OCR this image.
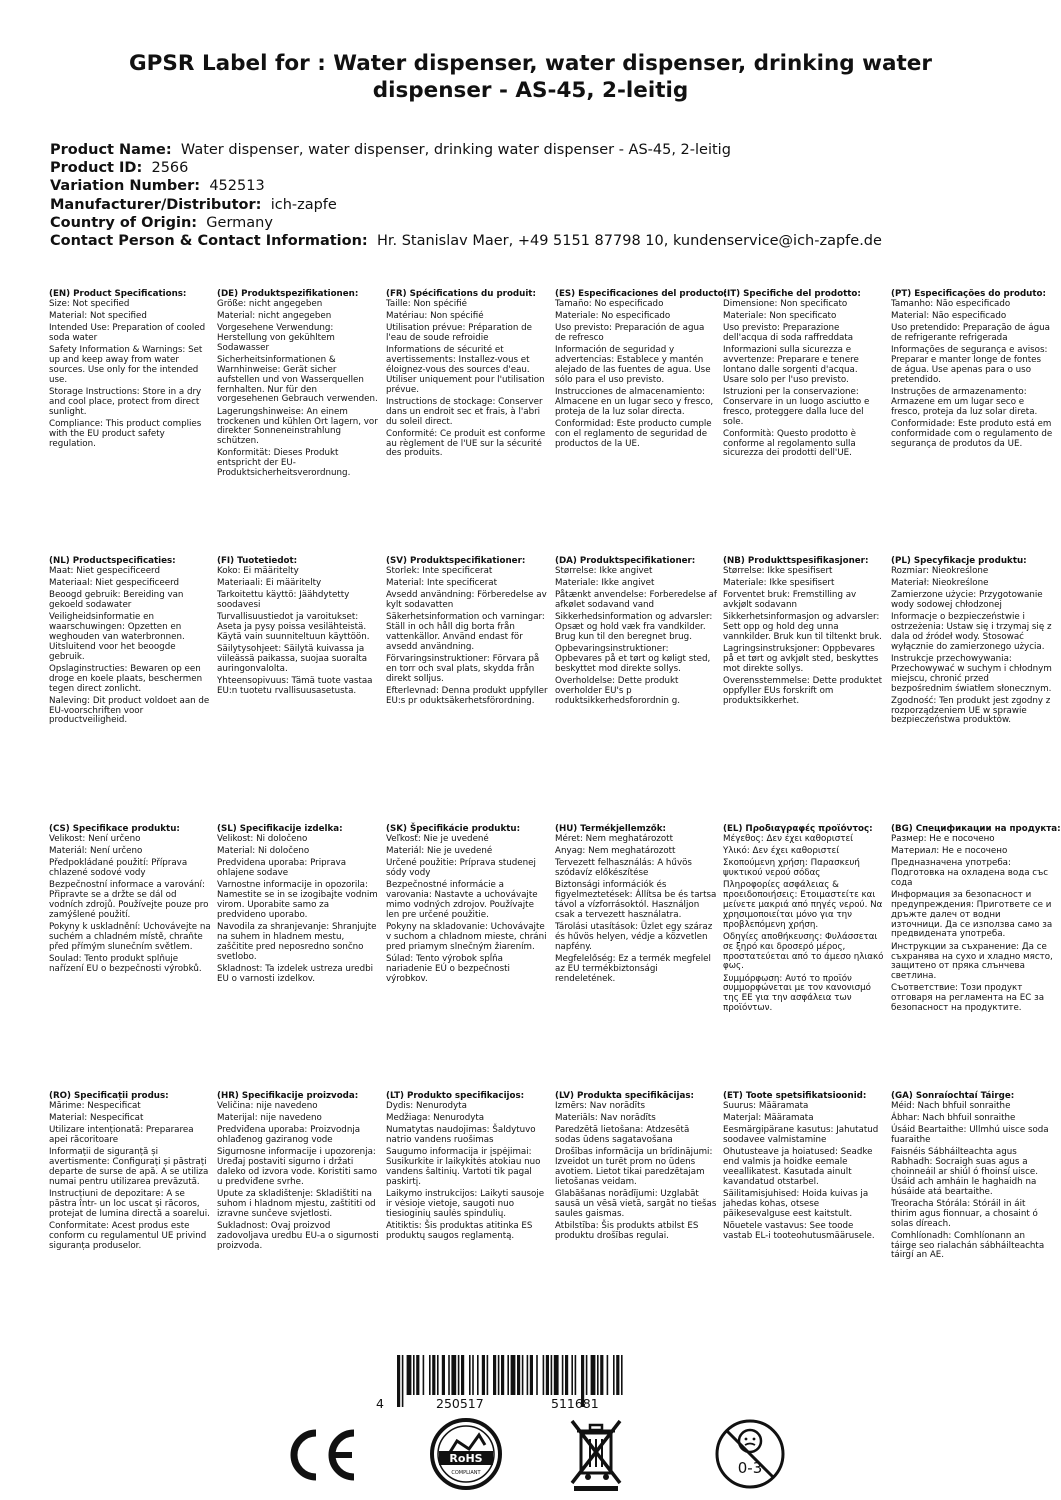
GPSR Label for : Water dispenser, water dispenser, drinking water
dispenser - AS-45, 2-leitig
Product Name: Water dispenser, water dispenser, drinking water dispenser - AS-45, 2-leitig
Product ID: 2566
Variation Number: 452513
Manufacturer/Distributor: ich-zapfe
Country of Origin: Germany
Contact Person & Contact Information: Hr. Stanislav Maer, +49 5151 87798 10, kundenservice@ich-zapfe.de
(EN) Product Specifications:
Size: Not specified
Material: Not specified
Intended Use: Preparation of cooled soda water
Safety Information & Warnings: Set up and keep away from water sources. Use only for the intended use.
Storage Instructions: Store in a dry and cool place, protect from direct sunlight.
Compliance: This product complies with the EU product safety regulation.
(DE) Produktspezifikationen:
Größe: nicht angegeben
Material: nicht angegeben
Vorgesehene Verwendung: Herstellung von gekühltem Sodawasser
Sicherheitsinformationen & Warnhinweise: Gerät sicher aufstellen und von Wasserquellen fernhalten. Nur für den vorgesehenen Gebrauch verwenden.
Lagerungshinweise: An einem trockenen und kühlen Ort lagern, vor direkter Sonneneinstrahlung schützen.
Konformität: Dieses Produkt entspricht der EU-Produktsicherheitsverordnung.
(FR) Spécifications du produit:
Taille: Non spécifié
Matériau: Non spécifié
Utilisation prévue: Préparation de l'eau de soude refroidie
Informations de sécurité et avertissements: Installez-vous et éloignez-vous des sources d'eau. Utiliser uniquement pour l'utilisation prévue.
Instructions de stockage: Conserver dans un endroit sec et frais, à l'abri du soleil direct.
Conformité: Ce produit est conforme au règlement de l'UE sur la sécurité des produits.
(ES) Especificaciones del producto:
Tamaño: No especificado
Materiale: No especificado
Uso previsto: Preparación de agua de refresco
Información de seguridad y advertencias: Establece y mantén alejado de las fuentes de agua. Use sólo para el uso previsto.
Instrucciones de almacenamiento: Almacene en un lugar seco y fresco, proteja de la luz solar directa.
Conformidad: Este producto cumple con el reglamento de seguridad de productos de la UE.
(IT) Specifiche del prodotto:
Dimensione: Non specificato
Materiale: Non specificato
Uso previsto: Preparazione dell'acqua di soda raffreddata
Informazioni sulla sicurezza e avvertenze: Preparare e tenere lontano dalle sorgenti d'acqua. Usare solo per l'uso previsto.
Istruzioni per la conservazione: Conservare in un luogo asciutto e fresco, proteggere dalla luce del sole.
Conformità: Questo prodotto è conforme al regolamento sulla sicurezza dei prodotti dell'UE.
(PT) Especificações do produto:
Tamanho: Não especificado
Material: Não especificado
Uso pretendido: Preparação de água de refrigerante refrigerada
Informações de segurança e avisos: Preparar e manter longe de fontes de água. Use apenas para o uso pretendido.
Instruções de armazenamento: Armazene em um lugar seco e fresco, proteja da luz solar direta.
Conformidade: Este produto está em conformidade com o regulamento de segurança de produtos da UE.
(NL) Productspecificaties:
Maat: Niet gespecificeerd
Materiaal: Niet gespecificeerd
Beoogd gebruik: Bereiding van gekoeld sodawater
Veiligheidsinformatie en waarschuwingen: Opzetten en weghouden van waterbronnen. Uitsluitend voor het beoogde gebruik.
Opslaginstructies: Bewaren op een droge en koele plaats, beschermen tegen direct zonlicht.
Naleving: Dit product voldoet aan de EU-voorschriften voor productveiligheid.
(FI) Tuotetiedot:
Koko: Ei määritelty
Materiaali: Ei määritelty
Tarkoitettu käyttö: Jäähdytetty soodavesi
Turvallisuustiedot ja varoitukset: Aseta ja pysy poissa vesilähteistä. Käytä vain suunniteltuun käyttöön.
Säilytysohjeet: Säilytä kuivassa ja viileässä paikassa, suojaa suoralta auringonvalolta.
Yhteensopivuus: Tämä tuote vastaa EU:n tuotetu rvallisuusasetusta.
(SV) Produktspecifikationer:
Storlek: Inte specificerat
Material: Inte specificerat
Avsedd användning: Förberedelse av kylt sodavatten
Säkerhetsinformation och varningar: Ställ in och håll dig borta från vattenkällor. Använd endast för avsedd användning.
Förvaringsinstruktioner: Förvara på en torr och sval plats, skydda från direkt solljus.
Efterlevnad: Denna produkt uppfyller EU:s pr oduktsäkerhetsförordning.
(DA) Produktspecifikationer:
Størrelse: Ikke angivet
Materiale: Ikke angivet
Påtænkt anvendelse: Forberedelse af afkølet sodavand vand
Sikkerhedsinformation og advarsler: Opsæt og hold væk fra vandkilder. Brug kun til den beregnet brug.
Opbevaringsinstruktioner: Opbevares på et tørt og køligt sted, beskyttet mod direkte sollys.
Overholdelse: Dette produkt overholder EU's p roduktsikkerhedsforordnin g.
(NB) Produkttspesifikasjoner:
Størrelse: Ikke spesifisert
Materiale: Ikke spesifisert
Forventet bruk: Fremstilling av avkjølt sodavann
Sikkerhetsinformasjon og advarsler: Sett opp og hold deg unna vannkilder. Bruk kun til tiltenkt bruk.
Lagringsinstruksjoner: Oppbevares på et tørt og avkjølt sted, beskyttes mot direkte sollys.
Overensstemmelse: Dette produktet oppfyller EUs forskrift om produktsikkerhet.
(PL) Specyfikacje produktu:
Rozmiar: Nieokreślone
Materiał: Nieokreślone
Zamierzone użycie: Przygotowanie wody sodowej chłodzonej
Informacje o bezpieczeństwie i ostrzeżenia: Ustaw się i trzymaj się z dala od źródeł wody. Stosować wyłącznie do zamierzonego użycia.
Instrukcje przechowywania: Przechowywać w suchym i chłodnym miejscu, chronić przed bezpośrednim światłem słonecznym.
Zgodność: Ten produkt jest zgodny z rozporządzeniem UE w sprawie bezpieczeństwa produktów.
(CS) Specifikace produktu:
Velikost: Není určeno
Materiál: Není určeno
Předpokládané použití: Příprava chlazené sodové vody
Bezpečnostní informace a varování: Připravte se a držte se dál od vodních zdrojů. Používejte pouze pro zamýšlené použití.
Pokyny k uskladnění: Uchovávejte na suchém a chladném místě, chraňte před přímým slunečním světlem.
Soulad: Tento produkt splňuje nařízení EU o bezpečnosti výrobků.
(SL) Specifikacije izdelka:
Velikost: Ni določeno
Material: Ni določeno
Predvidena uporaba: Priprava ohlajene sodave
Varnostne informacije in opozorila: Namestite se in se izogibajte vodnim virom. Uporabite samo za predvideno uporabo.
Navodila za shranjevanje: Shranjujte na suhem in hladnem mestu, zaščitite pred neposredno sončno svetlobo.
Skladnost: Ta izdelek ustreza uredbi EU o varnosti izdelkov.
(SK) Špecifikácie produktu:
Veľkosť: Nie je uvedené
Materiál: Nie je uvedené
Určené použitie: Príprava studenej sódy vody
Bezpečnostné informácie a varovania: Nastavte a uchovávajte mimo vodných zdrojov. Používajte len pre určené použitie.
Pokyny na skladovanie: Uchovávajte v suchom a chladnom mieste, chráni pred priamym slnečným žiarením.
Súlad: Tento výrobok spĺňa nariadenie EÚ o bezpečnosti výrobkov.
(HU) Termékjellemzők:
Méret: Nem meghatározott
Anyag: Nem meghatározott
Tervezett felhasználás: A hűvös szódavíz előkészítése
Biztonsági információk és figyelmeztetések: Állítsa be és tartsa távol a vízforrásoktól. Használjon csak a tervezett használatra.
Tárolási utasítások: Üzlet egy száraz és hűvös helyen, védje a közvetlen napfény.
Megfelelőség: Ez a termék megfelel az EU termékbiztonsági rendeletének.
(EL) Προδιαγραφές προϊόντος:
Μέγεθος: Δεν έχει καθοριστεί
Υλικό: Δεν έχει καθοριστεί
Σκοπούμενη χρήση: Παρασκευή ψυκτικού νερού σόδας
Πληροφορίες ασφάλειας & προειδοποιήσεις: Ετοιμαστείτε και μείνετε μακριά από πηγές νερού. Να χρησιμοποιείται μόνο για την προβλεπόμενη χρήση.
Οδηγίες αποθήκευσης: Φυλάσσεται σε ξηρό και δροσερό μέρος, προστατεύεται από το άμεσο ηλιακό φως.
Συμμόρφωση: Αυτό το προϊόν συμμορφώνεται με τον κανονισμό της ΕΕ για την ασφάλεια των προϊόντων.
(BG) Спецификации на продукта:
Размер: Не е посочено
Материал: Не е посочено
Предназначена употреба: Подготовка на охладена вода със сода
Информация за безопасност и предупреждения: Пригответе се и дръжте далеч от водни източници. Да се използва само за предвидената употреба.
Инструкции за съхранение: Да се съхранява на сухо и хладно място, защитено от пряка слънчева светлина.
Съответствие: Този продукт отговаря на регламента на ЕС за безопасност на продуктите.
(RO) Specificații produs:
Mărime: Nespecificat
Material: Nespecificat
Utilizare intenționată: Prepararea apei răcoritoare
Informații de siguranță și avertismente: Configurați și păstrați departe de surse de apă. A se utiliza numai pentru utilizarea prevăzută.
Instrucțiuni de depozitare: A se păstra într- un loc uscat și răcoros, protejat de lumina directă a soarelui.
Conformitate: Acest produs este conform cu regulamentul UE privind siguranța produselor.
(HR) Specifikacije proizvoda:
Veličina: nije navedeno
Materijal: nije navedeno
Predviđena uporaba: Proizvodnja ohlađenog gaziranog vode
Sigurnosne informacije i upozorenja: Uređaj postaviti sigurno i držati daleko od izvora vode. Koristiti samo u predviđene svrhe.
Upute za skladištenje: Skladištiti na suhom i hladnom mjestu, zaštititi od izravne sunčeve svjetlosti.
Sukladnost: Ovaj proizvod zadovoljava uredbu EU-a o sigurnosti proizvoda.
(LT) Produkto specifikacijos:
Dydis: Nenurodyta
Medžiaga: Nenurodyta
Numatytas naudojimas: Šaldytuvo natrio vandens ruošimas
Saugumo informacija ir įspėjimai: Susikurkite ir laikykitės atokiau nuo vandens šaltinių. Vartoti tik pagal paskirtį.
Laikymo instrukcijos: Laikyti sausoje ir vėsioje vietoje, saugoti nuo tiesioginių saulės spindulių.
Atitiktis: Šis produktas atitinka ES produktų saugos reglamentą.
(LV) Produkta specifikācijas:
Izmērs: Nav norādīts
Materiāls: Nav norādīts
Paredzētā lietošana: Atdzesētā sodas ūdens sagatavošana
Drošības informācija un brīdinājumi: Izveidot un turēt prom no ūdens avotiem. Lietot tikai paredzētajam lietošanas veidam.
Glabāšanas norādījumi: Uzglabāt sausā un vēsā vietā, sargāt no tiešas saules gaismas.
Atbilstība: Šis produkts atbilst ES produktu drošības regulai.
(ET) Toote spetsifikatsioonid:
Suurus: Määramata
Materjal: Määramata
Eesmärgipärane kasutus: Jahutatud soodavee valmistamine
Ohutusteave ja hoiatused: Seadke end valmis ja hoidke eemale veeallikatest. Kasutada ainult kavandatud otstarbel.
Säilitamisjuhised: Hoida kuivas ja jahedas kohas, otsese päikesevalguse eest kaitstult.
Nõuetele vastavus: See toode vastab EL-i tooteohutusmäärusele.
(GA) Sonraíochtaí Táirge:
Méid: Nach bhfuil sonraithe
Ábhar: Nach bhfuil sonraithe
Úsáid Beartaithe: Ullmhú uisce soda fuaraithe
Faisnéis Sábháilteachta agus Rabhadh: Socraigh suas agus a choinneáil ar shiúl ó fhoinsí uisce. Úsáid ach amháin le haghaidh na húsáide atá beartaithe.
Treoracha Stórála: Stóráil in áit thirim agus fionnuar, a chosaint ó solas díreach.
Comhlíonadh: Comhlíonann an táirge seo rialachán sábháilteachta táirgí an AE.
4	250517	511681
RoHS
COMPLIANT	0-3
